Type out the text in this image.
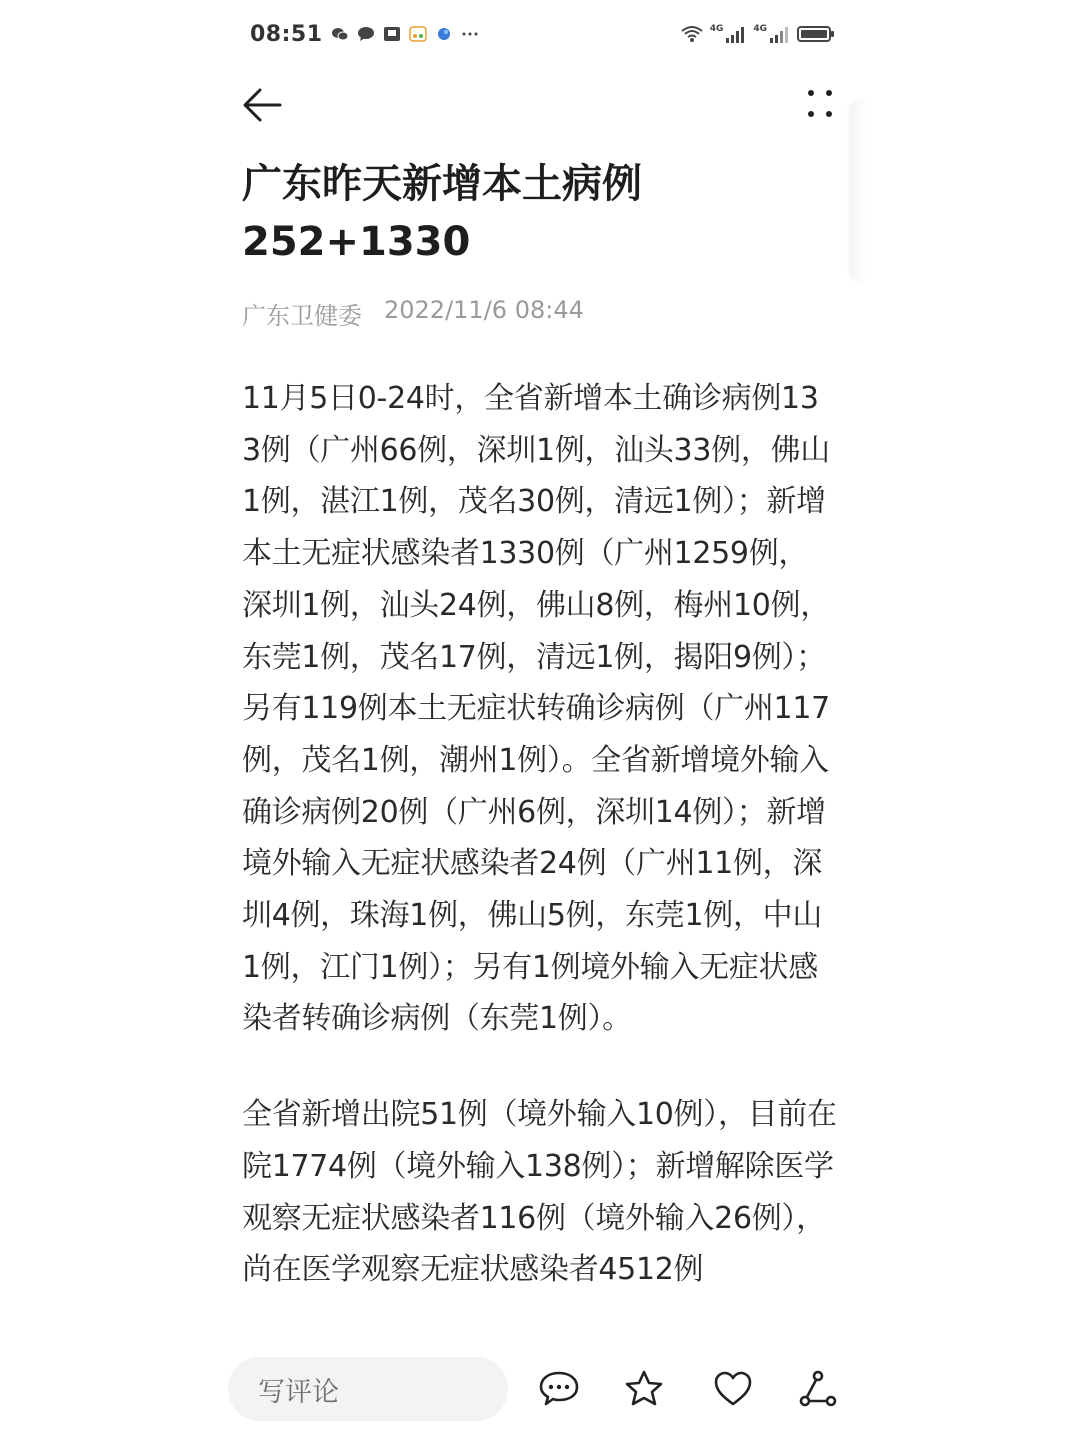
08:51	4G	4G
广东昨天新增本土病例
252+1330
广东卫健委 2022/11/6 08:44

11月5日0-24时，全省新增本土确诊病例133例（广州66例，深圳1例，汕头33例，佛山1例，湛江1例，茂名30例，清远1例）；新增本土无症状感染者1330例（广州1259例，深圳1例，汕头24例，佛山8例，梅州10例，东莞1例，茂名17例，清远1例，揭阳9例）；另有119例本土无症状转确诊病例（广州117例，茂名1例，潮州1例）。全省新增境外输入确诊病例20例（广州6例，深圳14例）；新增境外输入无症状感染者24例（广州11例，深圳4例，珠海1例，佛山5例，东莞1例，中山1例，江门1例）；另有1例境外输入无症状感染者转确诊病例（东莞1例）。

全省新增出院51例（境外输入10例），目前在院1774例（境外输入138例）；新增解除医学观察无症状感染者116例（境外输入26例），尚在医学观察无症状感染者4512例

写评论
